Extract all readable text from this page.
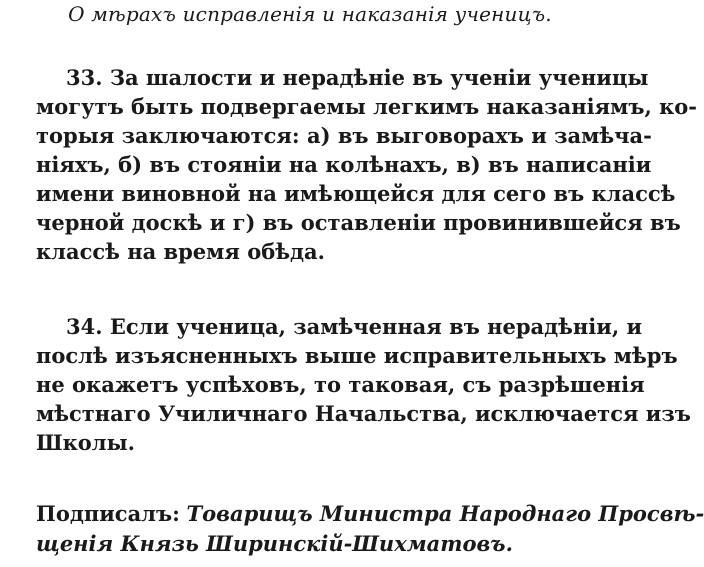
О мѣрахъ исправленія и наказанія ученицъ.

33. За шалости и нерадѣніе въ ученіи ученицы
могутъ быть подвергаемы легкимъ наказаніямъ, ко-
торыя заключаются: а) въ выговорахъ и замѣча-
ніяхъ, б) въ стояніи на колѣнахъ, в) въ написаніи
имени виновной на имѣющейся для сего въ классѣ
черной доскѣ и г) въ оставленіи провинившейся въ
классѣ на время обѣда.

34. Если ученица, замѣченная въ нерадѣніи, и
послѣ изъясненныхъ выше исправительныхъ мѣръ
не окажетъ успѣховъ, то таковая, съ разрѣшенія
мѣстнаго Училичнаго Начальства, исключается изъ
Школы.

Подписалъ: Товарищъ Министра Народнаго Просвѣ-
щенія Князь Ширинскій-Шихматовъ.
